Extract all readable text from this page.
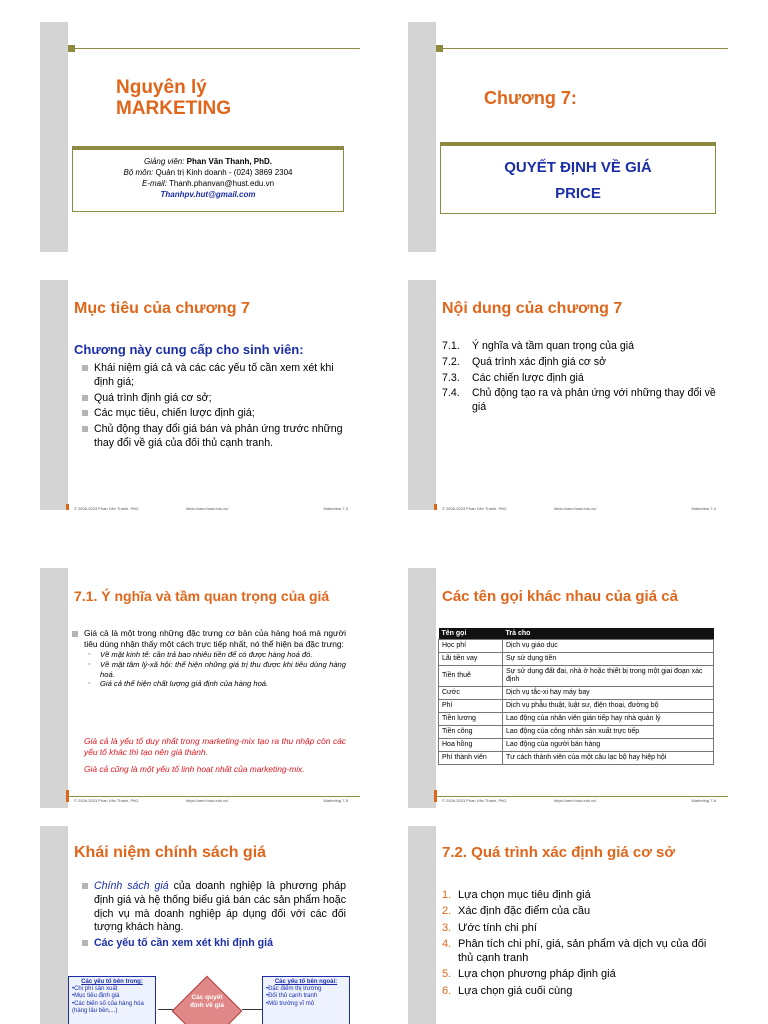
Nguyên lý
MARKETING
Giảng viên: Phan Văn Thanh, PhD.
Bộ môn: Quản trị Kinh doanh - (024) 3869 2304
E-mail: Thanh.phanvan@hust.edu.vn
Thanhpv.hut@gmail.com
Chương 7:
QUYẾT ĐỊNH VỀ GIÁ
PRICE
Mục tiêu của chương 7
Chương này cung cấp cho sinh viên:
Khái niệm giá cả và các các yếu tố cần xem xét khi định giá;
Quá trình định giá cơ sở;
Các mục tiêu, chiến lược định giá;
Chủ động thay đổi giá bán và phản ứng trước những thay đổi về giá của đối thủ cạnh tranh.
© 2006-2023 Phan Văn Thanh, PhD.	https://sem.hust.edu.vn/	Marketing 7-3
Nội dung của chương 7
7.1.	Ý nghĩa và tầm quan trọng của giá
7.2.	Quá trình xác định giá cơ sở
7.3.	Các chiến lược định giá
7.4.	Chủ động tạo ra và phản ứng với những thay đổi về giá
© 2006-2023 Phan Văn Thanh, PhD.	https://sem.hust.edu.vn/	Marketing 7-4
7.1. Ý nghĩa và tầm quan trọng của giá
Giá cả là một trong những đặc trưng cơ bản của hàng hoá mà người tiêu dùng nhận thấy một cách trực tiếp nhất, nó thể hiện ba đặc trưng:
▫ Về mặt kinh tế: cần trả bao nhiêu tiền để có được hàng hoá đó.
▫ Về mặt tâm lý-xã hội: thể hiện những giá trị thu được khi tiêu dùng hàng hoá.
▫ Giá cả thể hiện chất lượng giả định của hàng hoá.
Giá cả là yếu tố duy nhất trong marketing-mix tạo ra thu nhập còn các yếu tố khác thì tạo nên giá thành.
Giá cả cũng là một yếu tố linh hoạt nhất của marketing-mix.
© 2006-2023 Phan Văn Thanh, PhD.	https://sem.hust.edu.vn/	Marketing 7-5
Các tên gọi khác nhau của giá cả
Tên gọi	Trả cho
Học phí	Dịch vụ giáo dục
Lãi tiền vay	Sự sử dụng tiền
Tiền thuê	Sự sử dụng đất đai, nhà ở hoặc thiết bị trong một giai đoạn xác định
Cước	Dịch vụ tắc-xi hay máy bay
Phí	Dịch vụ phẫu thuật, luật sư, điện thoại, đường bộ
Tiền lương	Lao động của nhân viên gián tiếp hay nhà quản lý
Tiền công	Lao động của công nhân sản xuất trực tiếp
Hoa hồng	Lao động của người bán hàng
Phí thành viên	Tư cách thành viên của một câu lạc bộ hay hiệp hội
© 2006-2023 Phan Văn Thanh, PhD.	https://sem.hust.edu.vn/	Marketing 7-6
Khái niệm chính sách giá
Chính sách giá của doanh nghiệp là phương pháp định giá và hệ thống biểu giá bán các sản phẩm hoặc dịch vụ mà doanh nghiệp áp dụng đối với các đối tượng khách hàng.
Các yếu tố cần xem xét khi định giá
Các yếu tố bên trong:
•Chi phí sản xuất
•Mục tiêu định giá
•Các biến số của hàng hóa (hàng lâu bền,...)
Các quyết định về giá
Các yếu tố bên ngoài:
•Đặc điểm thị trường
•Đối thủ cạnh tranh
•Môi trường vĩ mô
7.2. Quá trình xác định giá cơ sở
1. Lựa chọn mục tiêu định giá
2. Xác định đặc điểm của cầu
3. Ước tính chi phí
4. Phân tích chi phí, giá, sản phẩm và dịch vụ của đối thủ cạnh tranh
5. Lựa chọn phương pháp định giá
6. Lựa chọn giá cuối cùng
